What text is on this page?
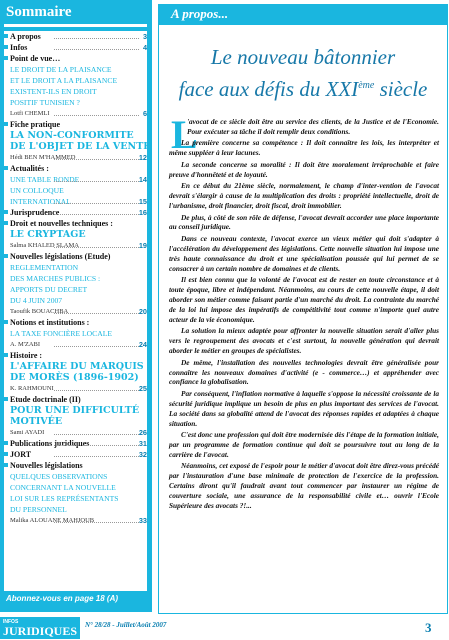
Sommaire
A propos	3
Infos	4
Point de vue…
LE DROIT DE LA PLAISANCE
ET LE DROIT A LA PLAISANCE
EXISTENT-ILS EN DROIT
POSITIF TUNISIEN ?
Lotfi CHEMLI	6
Fiche pratique
LA NON-CONFORMITE
DE L'OBJET DE LA VENTE
Hédi BEN M'HAMMED	12
Actualités :
UNE TABLE RONDE	14
UN COLLOQUE
INTERNATIONAL	15
Jurisprudence	16
Droit et nouvelles techniques :
LE CRYPTAGE
Salma KHALED SLAMA	19
Nouvelles législations (Etude)
REGLEMENTATION
DES MARCHES PUBLICS :
APPORTS DU DECRET
DU 4 JUIN 2007
Taoufik BOUACHBA	20
Notions et institutions :
LA TAXE FONCIÈRE LOCALE
A. M'ZABI	24
Histoire :
L'AFFAIRE DU MARQUIS
DE MORÈS (1896-1902)
K. RAHMOUNI	25
Etude doctrinale (II)
POUR UNE DIFFICULTÉ
MOTIVÉE
Sami AYADI	26
Publications juridiques	31
JORT	32
Nouvelles législations
QUELQUES OBSERVATIONS
CONCERNANT LA NOUVELLE
LOI SUR LES REPRÉSENTANTS
DU PERSONNEL
Malika ALOUANE MAHJOUB	33
Abonnez-vous en page 18 (A)
INFOS
JURIDIQUES N° 28/28 - Juillet/Août 2007	3
A propos...
Le nouveau bâtonnier
face aux défis du XXIème siècle
L

'avocat de ce siècle doit être au service des clients, de la Justice et de l'Economie. Pour exécuter sa tâche il doit remplir deux conditions.

La première concerne sa compétence : Il doit connaître les lois, les interpréter et même suppléer à leur lacunes.

La seconde concerne sa moralité : Il doit être moralement irréprochable et faire preuve d'honnêteté et de loyauté.

En ce début du 21ème siècle, normalement, le champ d'inter-vention de l'avocat devrait s'élargir à cause de la multiplication des droits : propriété intellectuelle, droit de l'urbanisme, droit financier, droit fiscal, droit immobilier.

De plus, à côté de son rôle de défense, l'avocat devrait accorder une place importante au conseil juridique.

Dans ce nouveau contexte, l'avocat exerce un vieux métier qui doit s'adapter à l'accélération du développement des législations. Cette nouvelle situation lui impose une très haute connaissance du droit et une spécialisation poussée qui lui permet de se consacrer à un certain nombre de domaines et de clients.

Il est bien connu que la volonté de l'avocat est de rester en toute circonstance et à toute époque, libre et indépendant. Néanmoins, au cours de cette nouvelle étape, il doit aborder son métier comme faisant partie d'un marché du droit. La contrainte du marché de la loi lui impose des impératifs de compétitivité tout comme n'importe quel autre acteur de la vie économique.

La solution la mieux adaptée pour affronter la nouvelle situation serait d'aller plus vers le regroupement des avocats et c'est surtout, la nouvelle génération qui devrait aborder le métier en groupes de spécialistes.

De même, l'installation des nouvelles technologies devrait être généralisée pour connaître les nouveaux domaines d'activité (e - commerce…) et appréhender avec confiance la globalisation.

Par conséquent, l'inflation normative à laquelle s'oppose la nécessité croissante de la sécurité juridique implique un besoin de plus en plus important des services de l'avocat. La société dans sa globalité attend de l'avocat des réponses rapides et adaptées à chaque situation.

C'est donc une profession qui doit être modernisée dès l'étape de la formation initiale, par un programme de formation continue qui doit se poursuivre tout au long de la carrière de l'avocat.

Néanmoins, cet exposé de l'espoir pour le métier d'avocat doit être direz-vous précédé par l'instauration d'une base minimale de protection de l'exercice de la profession. Certains diront qu'il faudrait avant tout commencer par instaurer un régime de couverture sociale, une assurance de la responsabilité civile et… ouvrir l'Ecole Supérieure des avocats ?!...
